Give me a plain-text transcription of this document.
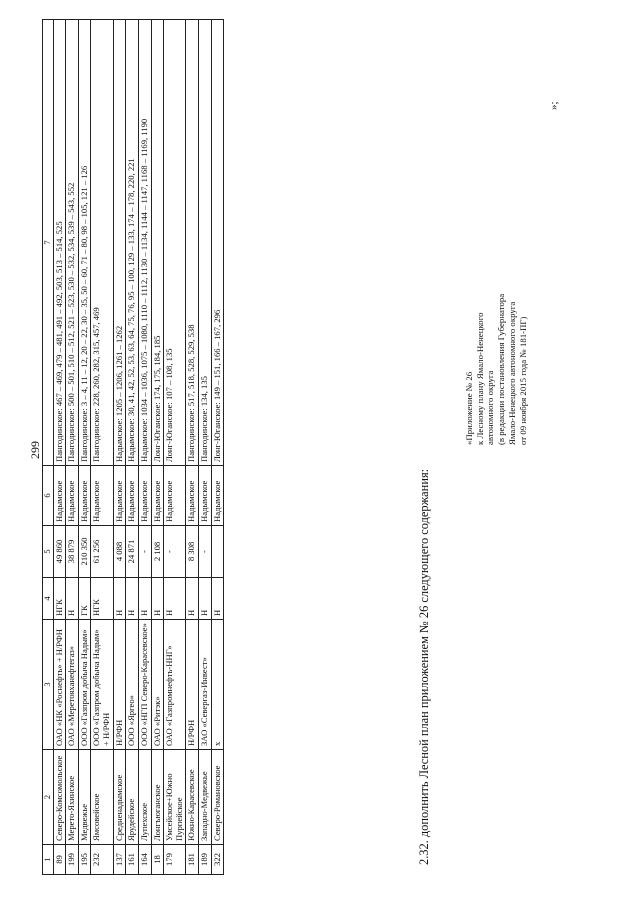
299
1	2	3	4	5	6	7
89	Северо-Комсомольское	ОАО «НК «Роснефть» + Н/РФН	НГК	49 860	Надымское	Пангодинское: 467 – 469, 479 – 481, 491 – 492, 503, 513 – 514, 525
199	Мерето-Яхинское	ОАО «Меретояханефтегаз»	Н	38 879	Надымское	Пангодинское: 500 – 501, 510 – 512, 521 – 523, 530 – 532, 534, 539 – 543, 552
195	Медвежье	ООО «Газпром добыча Надым»	ГК	210 350	Надымское	Пангодинское: 3 – 4, 11 – 12, 20 – 22, 30 – 35, 50 – 60, 71 – 80, 98 – 105, 121 – 126
232	Ямсовейское	ООО «Газпром добыча Надым» + Н/РФН	НГК	61 256	Надымское	Пангодинское: 228, 260, 282, 315, 457, 469
137	Средненадымское	Н/РФН	Н	4 088	Надымское	Надымское: 1205 – 1206, 1261 – 1262
161	Ярудейское	ООО «Яргео»	Н	24 871	Надымское	Надымское: 30, 41, 42, 52, 53, 63, 64, 75, 76, 95 – 100, 129 – 133, 174 – 178, 220, 221
164	Лупехское	ООО «НГП Северо-Карасевское»	Н	-	Надымское	Надымское: 1034 – 1036, 1075 – 1080, 1110 – 1112, 1130 – 1134, 1144 – 1147, 1168 – 1169, 1190
18	Лонгъюганское	ОАО «Ритэк»	Н	2 108	Надымское	Лонг-Юганское: 174, 175, 184, 185
179	Умсейское+Южно Пурпейское	ОАО «Газпромнефть-ННГ»	Н	-	Надымское	Лонг-Юганское: 107 – 108, 135
181	Южно-Карасевское	Н/РФН	Н	8 308	Надымское	Пангодинское: 517, 518, 528, 529, 538
189	Западно-Медвежье	ЗАО «Севергаз-Инвест»	Н	-	Надымское	Пангодинское: 134, 135
322	Северо-Романовское	х	Н		Надымское	Лонг-Юганское: 149 – 151, 166 – 167, 296
2.32. дополнить Лесной план приложением № 26 следующего содержания:
«Приложение № 26 к Лесному плану Ямало-Ненецкого автономного округа (в редакции постановления Губернатора Ямало-Ненецкого автономного округа от 09 ноября 2015 года № 181-ПГ)
»;
